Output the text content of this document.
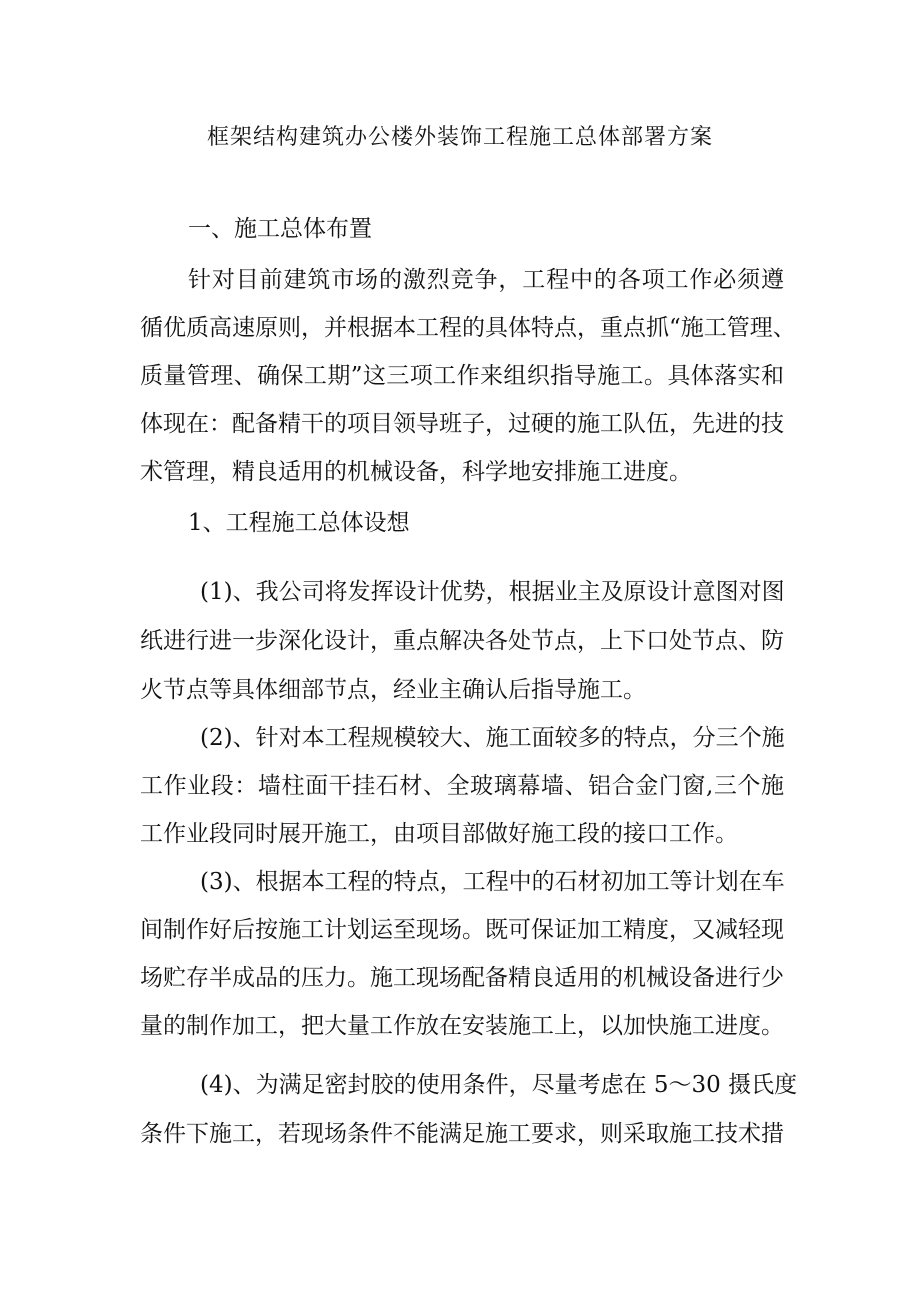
框架结构建筑办公楼外装饰工程施工总体部署方案
一、施工总体布置
针对目前建筑市场的激烈竞争，工程中的各项工作必须遵
循优质高速原则，并根据本工程的具体特点，重点抓“施工管理、
质量管理、确保工期”这三项工作来组织指导施工。具体落实和
体现在：配备精干的项目领导班子，过硬的施工队伍，先进的技
术管理，精良适用的机械设备，科学地安排施工进度。
1、工程施工总体设想
(1)、我公司将发挥设计优势，根据业主及原设计意图对图
纸进行进一步深化设计，重点解决各处节点，上下口处节点、防
火节点等具体细部节点，经业主确认后指导施工。
(2)、针对本工程规模较大、施工面较多的特点，分三个施
工作业段：墙柱面干挂石材、全玻璃幕墙、铝合金门窗,三个施
工作业段同时展开施工，由项目部做好施工段的接口工作。
(3)、根据本工程的特点，工程中的石材初加工等计划在车
间制作好后按施工计划运至现场。既可保证加工精度，又减轻现
场贮存半成品的压力。施工现场配备精良适用的机械设备进行少
量的制作加工，把大量工作放在安装施工上，以加快施工进度。
(4)、为满足密封胶的使用条件，尽量考虑在 5～30 摄氏度
条件下施工，若现场条件不能满足施工要求，则采取施工技术措
